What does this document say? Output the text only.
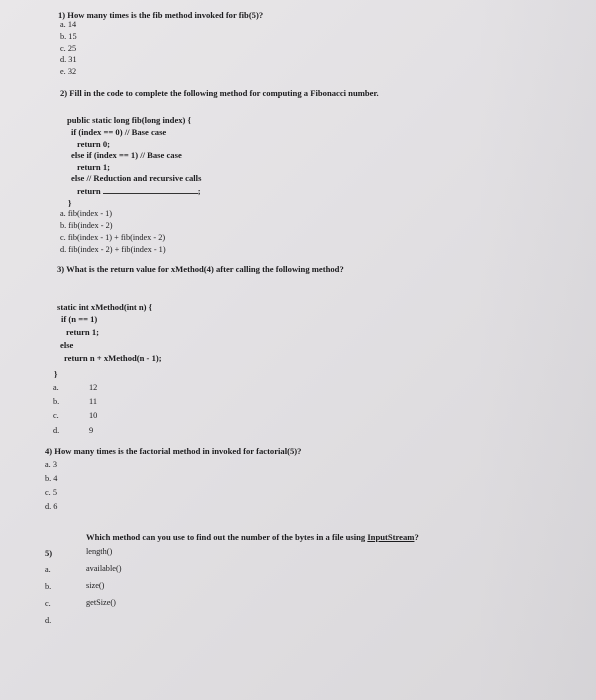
1) How many times is the fib method invoked for fib(5)?
a. 14
b. 15
c. 25
d. 31
e. 32
2) Fill in the code to complete the following method for computing a Fibonacci number.
public static long fib(long index) {
if (index == 0) // Base case
return 0;
else if (index == 1) // Base case
return 1;
else // Reduction and recursive calls
return	;
}
a. fib(index - 1)
b. fib(index - 2)
c. fib(index - 1) + fib(index - 2)
d. fib(index - 2) + fib(index - 1)
3) What is the return value for xMethod(4) after calling the following method?
static int xMethod(int n) {
if (n == 1)
return 1;
else
return n + xMethod(n - 1);
}
a.	12
b.	11
c.	10
d.	9
4) How many times is the factorial method in invoked for factorial(5)?
a. 3
b. 4
c. 5
d. 6
5)
Which method can you use to find out the number of the bytes in a file using InputStream?
a.
length()
b.
available()
c.
size()
d.
getSize()
